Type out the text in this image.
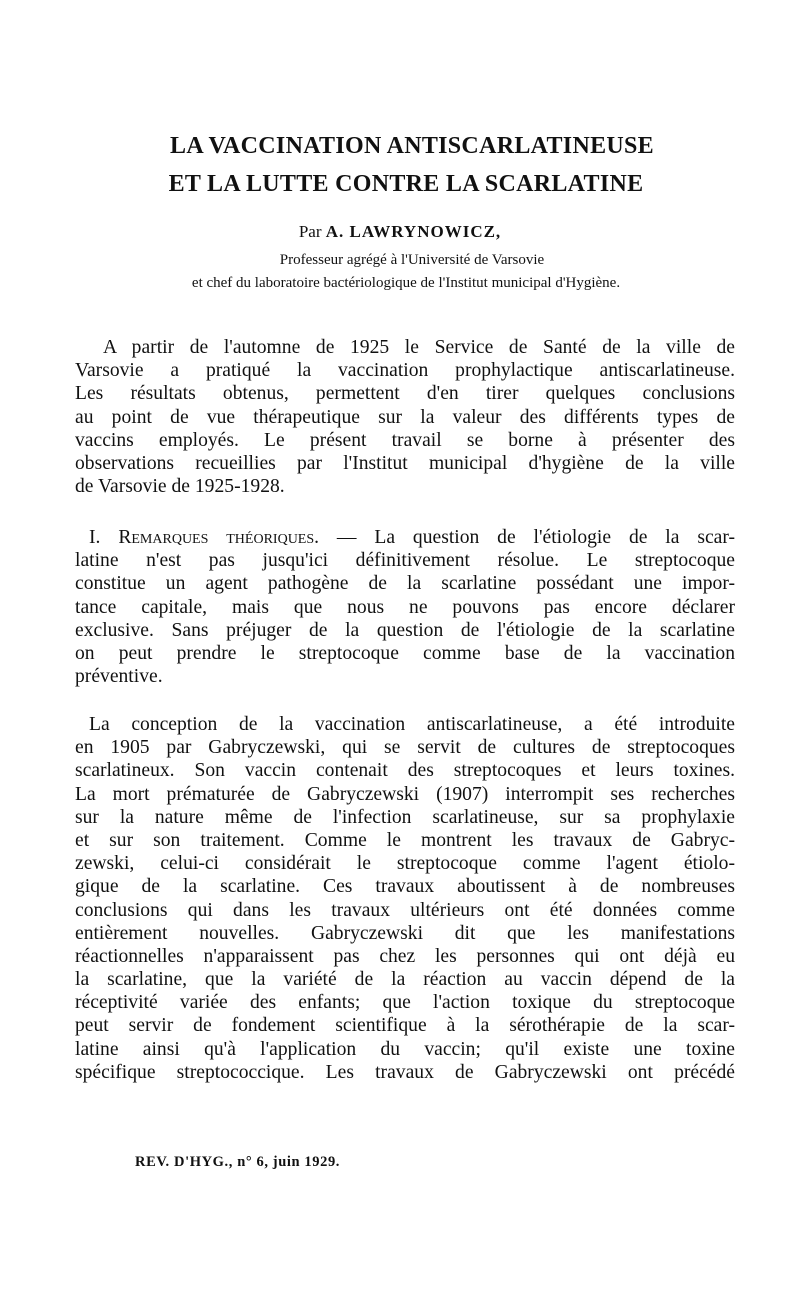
LA VACCINATION ANTISCARLATINEUSE
ET LA LUTTE CONTRE LA SCARLATINE
Par A. LAWRYNOWICZ,
Professeur agrégé à l'Université de Varsovie
et chef du laboratoire bactériologique de l'Institut municipal d'Hygiène.
A partir de l'automne de 1925 le Service de Santé de la ville de
Varsovie a pratiqué la vaccination prophylactique antiscarlatineuse.
Les résultats obtenus, permettent d'en tirer quelques conclusions
au point de vue thérapeutique sur la valeur des différents types de
vaccins employés. Le présent travail se borne à présenter des
observations recueillies par l'Institut municipal d'hygiène de la ville
de Varsovie de 1925-1928.
I. Remarques théoriques. — La question de l'étiologie de la scar-
latine n'est pas jusqu'ici définitivement résolue. Le streptocoque
constitue un agent pathogène de la scarlatine possédant une impor-
tance capitale, mais que nous ne pouvons pas encore déclarer
exclusive. Sans préjuger de la question de l'étiologie de la scarlatine
on peut prendre le streptocoque comme base de la vaccination
préventive.
La conception de la vaccination antiscarlatineuse, a été introduite
en 1905 par Gabryczewski, qui se servit de cultures de streptocoques
scarlatineux. Son vaccin contenait des streptocoques et leurs toxines.
La mort prématurée de Gabryczewski (1907) interrompit ses recherches
sur la nature même de l'infection scarlatineuse, sur sa prophylaxie
et sur son traitement. Comme le montrent les travaux de Gabryc-
zewski, celui-ci considérait le streptocoque comme l'agent étiolo-
gique de la scarlatine. Ces travaux aboutissent à de nombreuses
conclusions qui dans les travaux ultérieurs ont été données comme
entièrement nouvelles. Gabryczewski dit que les manifestations
réactionnelles n'apparaissent pas chez les personnes qui ont déjà eu
la scarlatine, que la variété de la réaction au vaccin dépend de la
réceptivité variée des enfants; que l'action toxique du streptocoque
peut servir de fondement scientifique à la sérothérapie de la scar-
latine ainsi qu'à l'application du vaccin; qu'il existe une toxine
spécifique streptococcique. Les travaux de Gabryczewski ont précédé
REV. D'HYG., n° 6, juin 1929.
